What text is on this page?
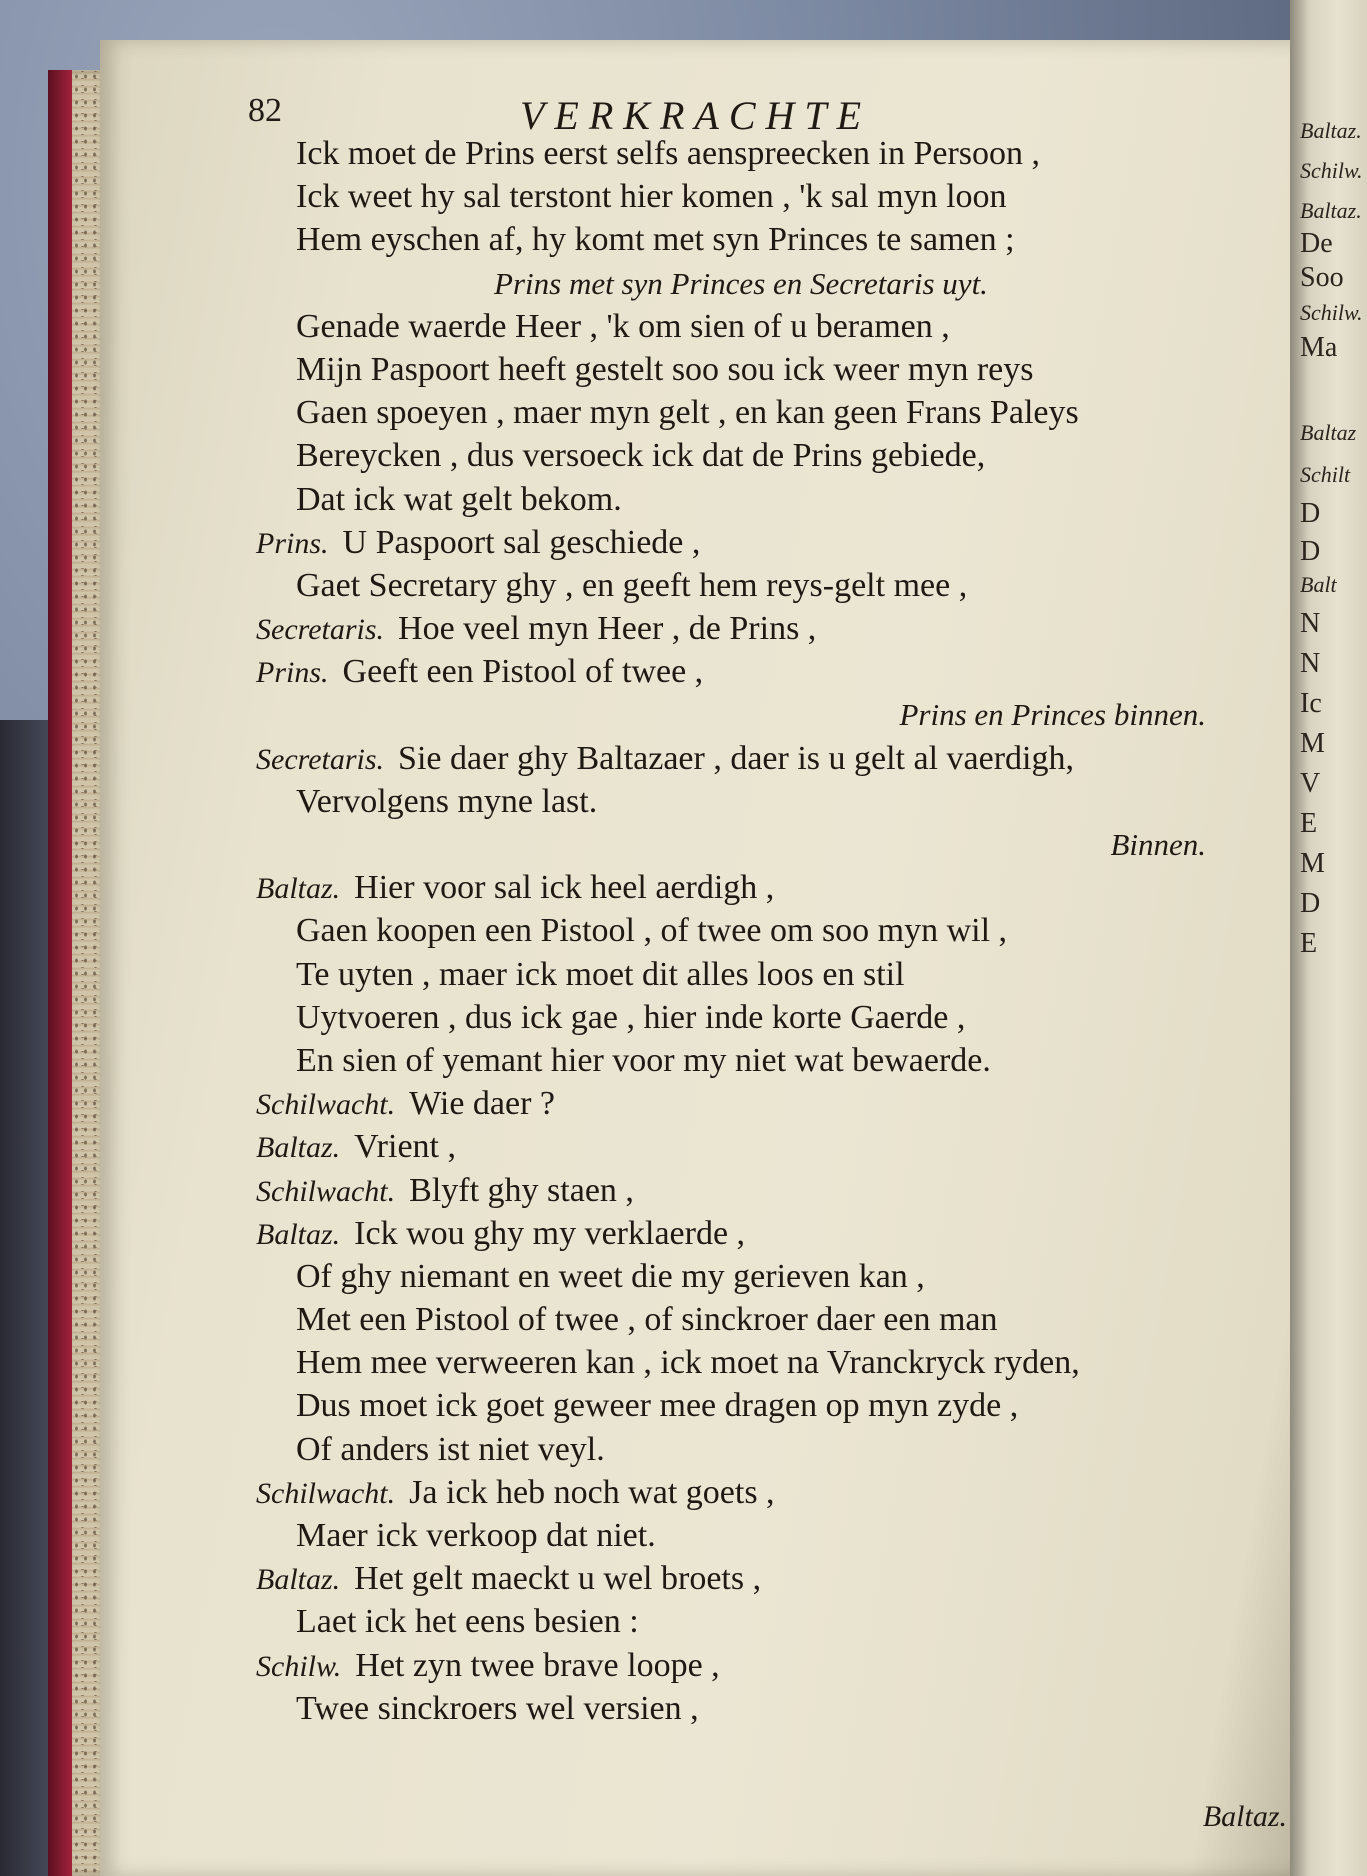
Baltaz.
Schilw.
Baltaz.
De
Soo
Schilw.
Ma
Baltaz
Schilt
D
D
Balt
N
N
Ic
M
V
E
M
D
E
82	VERKRACHTE
Ick moet de Prins eerst selfs aenspreecken in Persoon ,
Ick weet hy sal terstont hier komen , 'k sal myn loon
Hem eyschen af, hy komt met syn Princes te samen ;
Prins met syn Princes en Secretaris uyt.
Genade waerde Heer , 'k om sien of u beramen ,
Mijn Paspoort heeft gestelt soo sou ick weer myn reys
Gaen spoeyen , maer myn gelt , en kan geen Frans Paleys
Bereycken , dus versoeck ick dat de Prins gebiede,
Dat ick wat gelt bekom.
Prins. U Paspoort sal geschiede ,
Gaet Secretary ghy , en geeft hem reys-gelt mee ,
Secretaris. Hoe veel myn Heer , de Prins ,
Prins. Geeft een Pistool of twee ,
Prins en Princes binnen.
Secretaris. Sie daer ghy Baltazaer , daer is u gelt al vaerdigh,
Vervolgens myne last.
Binnen.
Baltaz. Hier voor sal ick heel aerdigh ,
Gaen koopen een Pistool , of twee om soo myn wil ,
Te uyten , maer ick moet dit alles loos en stil
Uytvoeren , dus ick gae , hier inde korte Gaerde ,
En sien of yemant hier voor my niet wat bewaerde.
Schilwacht. Wie daer ?
Baltaz. Vrient ,
Schilwacht. Blyft ghy staen ,
Baltaz. Ick wou ghy my verklaerde ,
Of ghy niemant en weet die my gerieven kan ,
Met een Pistool of twee , of sinckroer daer een man
Hem mee verweeren kan , ick moet na Vranckryck ryden,
Dus moet ick goet geweer mee dragen op myn zyde ,
Of anders ist niet veyl.
Schilwacht. Ja ick heb noch wat goets ,
Maer ick verkoop dat niet.
Baltaz. Het gelt maeckt u wel broets ,
Laet ick het eens besien :
Schilw. Het zyn twee brave loope ,
Twee sinckroers wel versien ,
Baltaz.
